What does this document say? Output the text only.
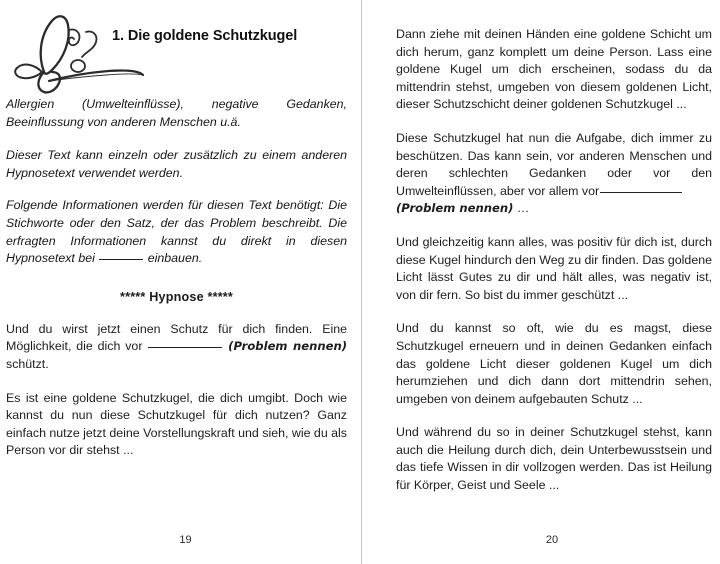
1. Die goldene Schutzkugel

Allergien (Umwelteinflüsse), negative Gedanken, Beeinflussung von anderen Menschen u.ä.

Dieser Text kann einzeln oder zusätzlich zu einem anderen Hypnosetext verwendet werden.

Folgende Informationen werden für diesen Text benötigt: Die Stichworte oder den Satz, der das Problem beschreibt. Die erfragten Informationen kannst du direkt in diesen Hypnosetext bei	einbauen.

***** Hypnose *****

Und du wirst jetzt einen Schutz für dich finden. Eine Möglichkeit, die dich vor	(Problem nennen) schützt.

Es ist eine goldene Schutzkugel, die dich umgibt. Doch wie kannst du nun diese Schutzkugel für dich nutzen? Ganz einfach nutze jetzt deine Vorstellungskraft und sieh, wie du als Person vor dir stehst ...

19

Dann ziehe mit deinen Händen eine goldene Schicht um dich herum, ganz komplett um deine Person. Lass eine goldene Kugel um dich erscheinen, sodass du da mittendrin stehst, umgeben von diesem goldenen Licht, dieser Schutzschicht deiner goldenen Schutzkugel ...

Diese Schutzkugel hat nun die Aufgabe, dich immer zu beschützen. Das kann sein, vor anderen Menschen und deren schlechten Gedanken oder vor den Umwelteinflüssen, aber vor allem vor
(Problem nennen) …

Und gleichzeitig kann alles, was positiv für dich ist, durch diese Kugel hindurch den Weg zu dir finden. Das goldene Licht lässt Gutes zu dir und hält alles, was negativ ist, von dir fern. So bist du immer geschützt ...

Und du kannst so oft, wie du es magst, diese Schutzkugel erneuern und in deinen Gedanken einfach das goldene Licht dieser goldenen Kugel um dich herumziehen und dich dann dort mittendrin sehen, umgeben von deinem aufgebauten Schutz ...

Und während du so in deiner Schutzkugel stehst, kann auch die Heilung durch dich, dein Unterbewusstsein und das tiefe Wissen in dir vollzogen werden. Das ist Heilung für Körper, Geist und Seele ...

20
